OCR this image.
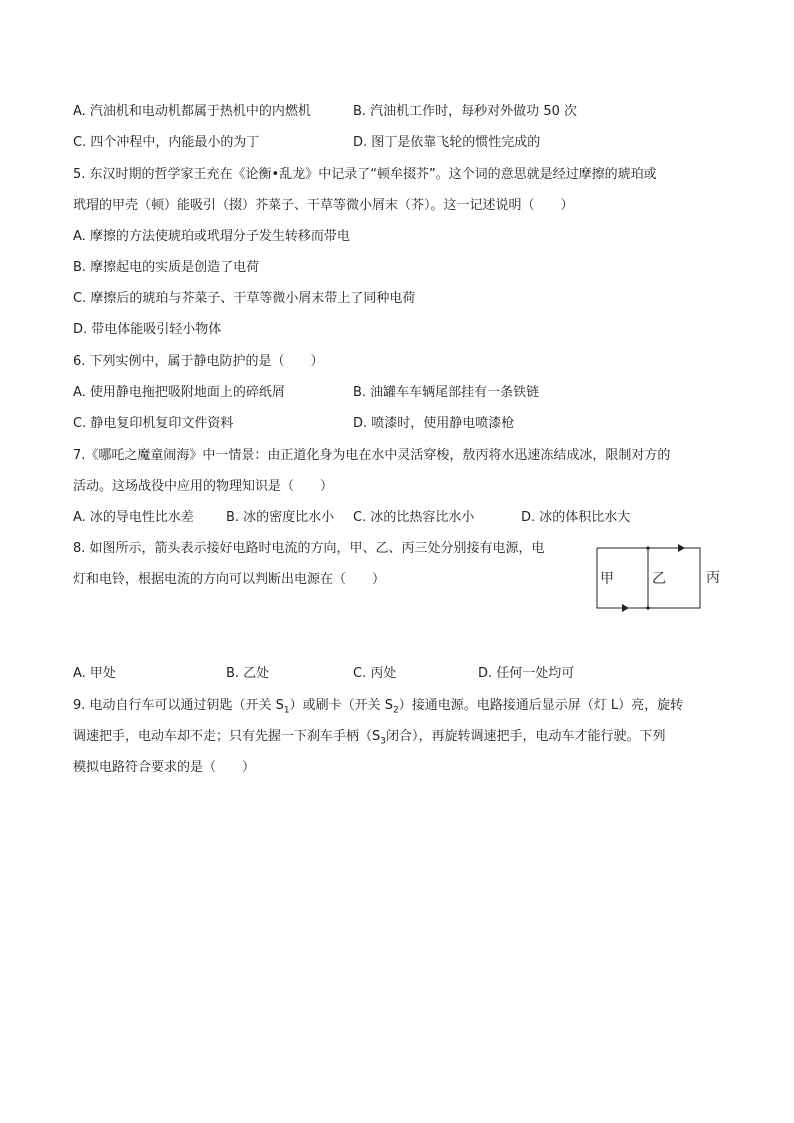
A. 汽油机和电动机都属于热机中的内燃机	B. 汽油机工作时，每秒对外做功 50 次
C. 四个冲程中，内能最小的为丁	D. 图丁是依靠飞轮的惯性完成的
5. 东汉时期的哲学家王充在《论衡•乱龙》中记录了“顿牟掇芥”。这个词的意思就是经过摩擦的琥珀或
玳瑁的甲壳（顿）能吸引（掇）芥菜子、干草等微小屑末（芥）。这一记述说明（　　）
A. 摩擦的方法使琥珀或玳瑁分子发生转移而带电
B. 摩擦起电的实质是创造了电荷
C. 摩擦后的琥珀与芥菜子、干草等微小屑末带上了同种电荷
D. 带电体能吸引轻小物体
6. 下列实例中，属于静电防护的是（　　）
A. 使用静电拖把吸附地面上的碎纸屑	B. 油罐车车辆尾部挂有一条铁链
C. 静电复印机复印文件资料	D. 喷漆时，使用静电喷漆枪
7.《哪吒之魔童闹海》中一情景：由正道化身为电在水中灵活穿梭，敖丙将水迅速冻结成冰，限制对方的
活动。这场战役中应用的物理知识是（　　）
A. 冰的导电性比水差 B. 冰的密度比水小 C. 冰的比热容比水小	D. 冰的体积比水大
8. 如图所示，箭头表示接好电路时电流的方向，甲、乙、丙三处分别接有电源，电
灯和电铃，根据电流的方向可以判断出电源在（　　）	甲	乙	丙
A. 甲处	B. 乙处	C. 丙处	D. 任何一处均可
9. 电动自行车可以通过钥匙（开关 $S_1$）或刷卡（开关 $S_2$）接通电源。电路接通后显示屏（灯 L）亮，旋转
调速把手，电动车却不走；只有先握一下刹车手柄（$S_3$闭合），再旋转调速把手，电动车才能行驶。下列
模拟电路符合要求的是（　　）
